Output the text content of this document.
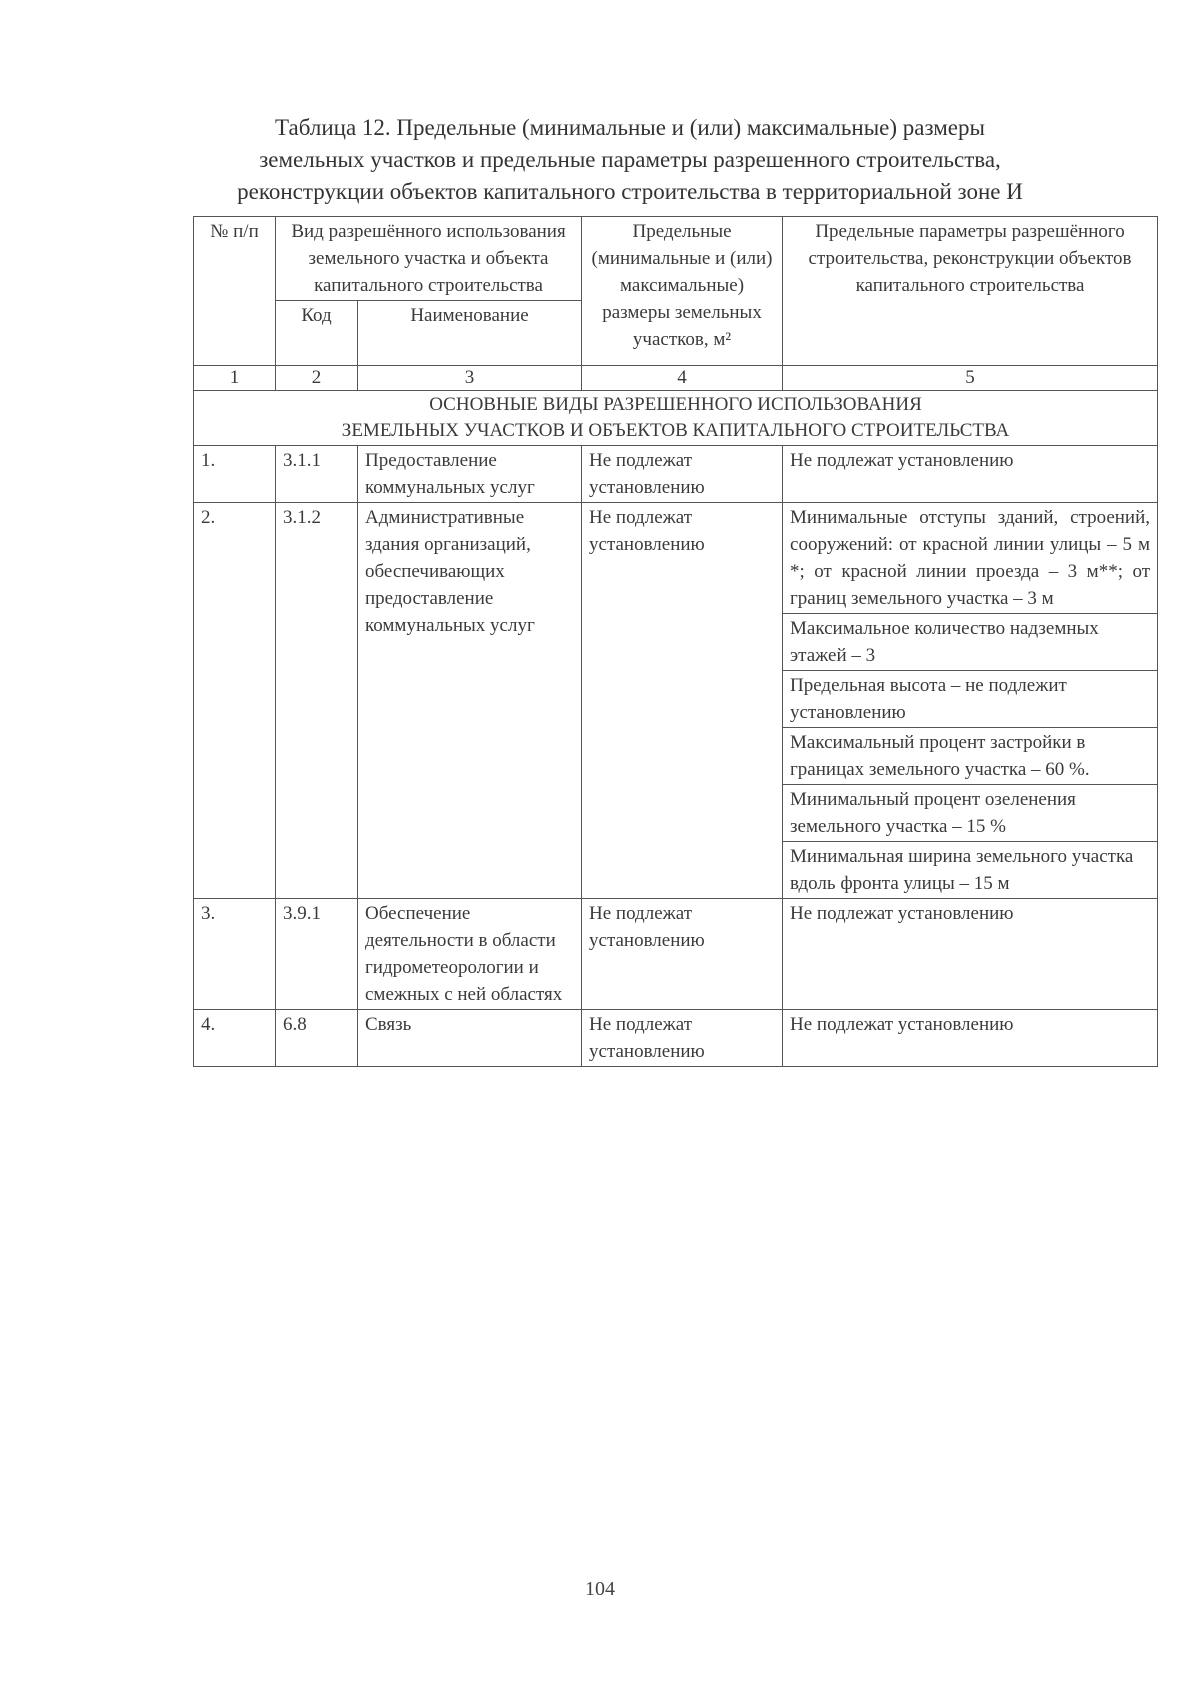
Таблица 12. Предельные (минимальные и (или) максимальные) размеры
земельных участков и предельные параметры разрешенного строительства,
реконструкции объектов капитального строительства в территориальной зоне И
№ п/п	Вид разрешённого использования земельного участка и объекта капитального строительства	Предельные (минимальные и (или) максимальные) размеры земельных участков, м²	Предельные параметры разрешённого строительства, реконструкции объектов капитального строительства
Код	Наименование
1	2	3	4	5

ОСНОВНЫЕ ВИДЫ РАЗРЕШЕННОГО ИСПОЛЬЗОВАНИЯ
ЗЕМЕЛЬНЫХ УЧАСТКОВ И ОБЪЕКТОВ КАПИТАЛЬНОГО СТРОИТЕЛЬСТВА

1.	3.1.1	Предоставление коммунальных услуг	Не подлежат установлению	Не подлежат установлению
2.	3.1.2	Административные здания организаций, обеспечивающих предоставление коммунальных услуг	Не подлежат установлению	
Минимальные отступы зданий, строений, сооружений: от красной линии улицы – 5 м *; от красной линии проезда – 3 м**; от границ земельного участка – 3 м
Максимальное количество надземных этажей – 3
Предельная высота – не подлежит установлению
Максимальный процент застройки в границах земельного участка – 60 %.
Минимальный процент озеленения земельного участка – 15 %
Минимальная ширина земельного участка вдоль фронта улицы – 15 м

3.	3.9.1	Обеспечение деятельности в области гидрометеорологии и смежных с ней областях	Не подлежат установлению	Не подлежат установлению
4.	6.8	Связь	Не подлежат установлению	Не подлежат установлению
104
